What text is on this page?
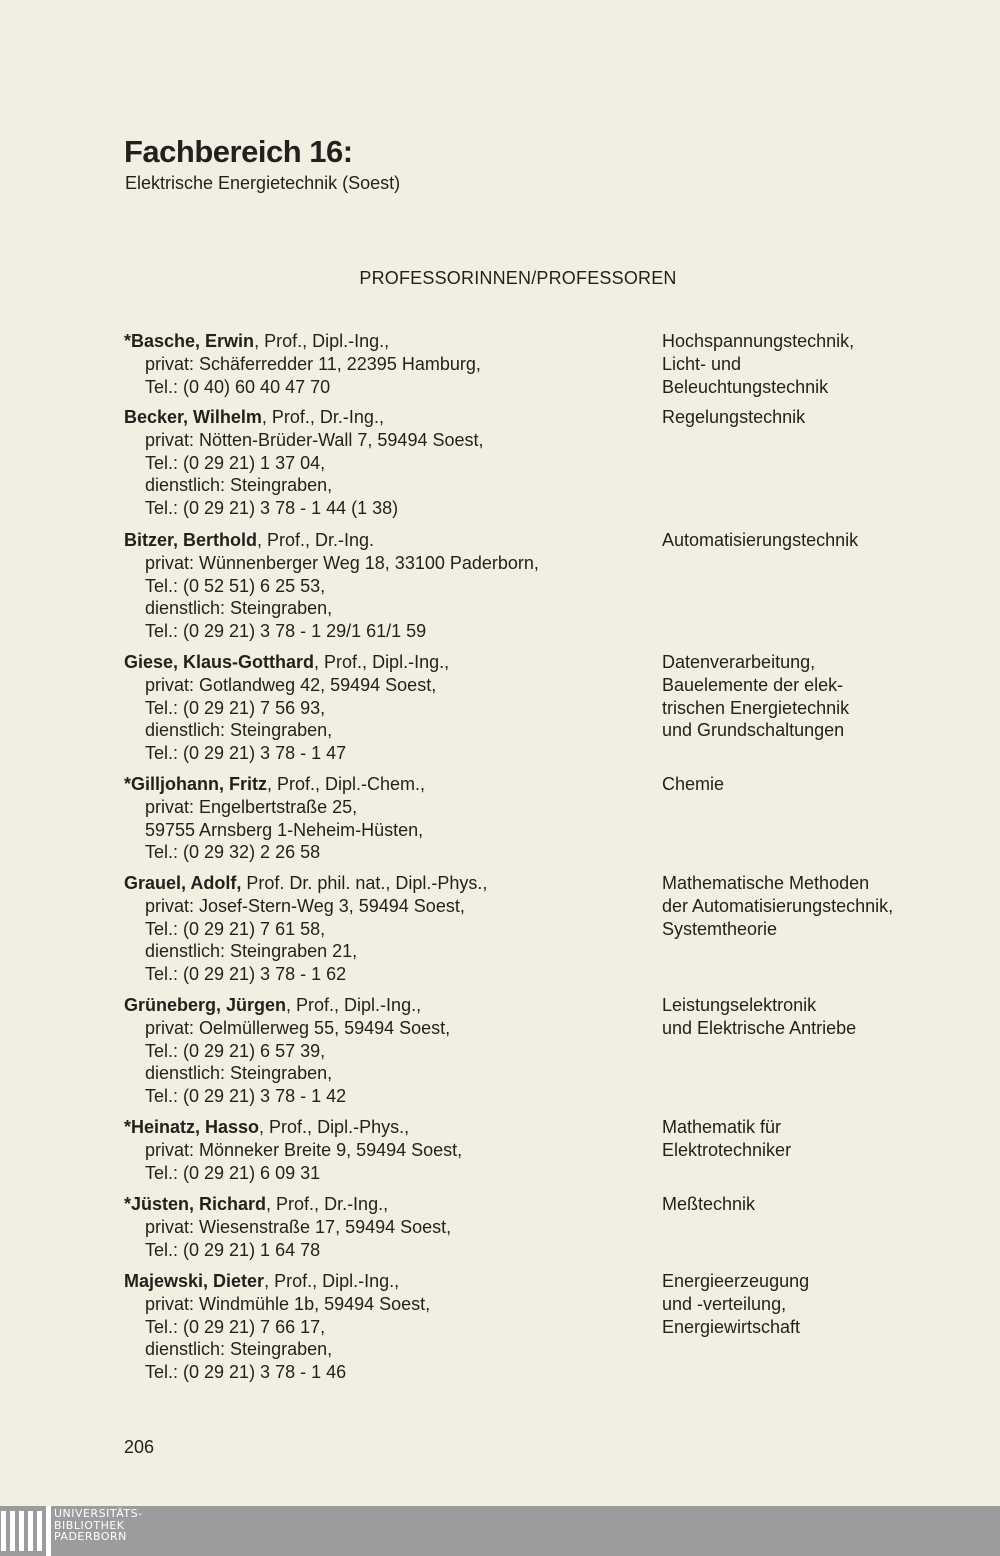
Fachbereich 16:

Elektrische Energietechnik (Soest)

PROFESSORINNEN/PROFESSOREN

*Basche, Erwin, Prof., Dipl.-Ing.,
privat: Schäferredder 11, 22395 Hamburg,
Tel.: (0 40) 60 40 47 70
Hochspannungstechnik,
Licht- und
Beleuchtungstechnik
Becker, Wilhelm, Prof., Dr.-Ing.,
privat: Nötten-Brüder-Wall 7, 59494 Soest,
Tel.: (0 29 21) 1 37 04,
dienstlich: Steingraben,
Tel.: (0 29 21) 3 78 - 1 44 (1 38)
Regelungstechnik
Bitzer, Berthold, Prof., Dr.-Ing.
privat: Wünnenberger Weg 18, 33100 Paderborn,
Tel.: (0 52 51) 6 25 53,
dienstlich: Steingraben,
Tel.: (0 29 21) 3 78 - 1 29/1 61/1 59
Automatisierungstechnik
Giese, Klaus-Gotthard, Prof., Dipl.-Ing.,
privat: Gotlandweg 42, 59494 Soest,
Tel.: (0 29 21) 7 56 93,
dienstlich: Steingraben,
Tel.: (0 29 21) 3 78 - 1 47
Datenverarbeitung,
Bauelemente der elek-
trischen Energietechnik
und Grundschaltungen
*Gilljohann, Fritz, Prof., Dipl.-Chem.,
privat: Engelbertstraße 25,
59755 Arnsberg 1-Neheim-Hüsten,
Tel.: (0 29 32) 2 26 58
Chemie
Grauel, Adolf, Prof. Dr. phil. nat., Dipl.-Phys.,
privat: Josef-Stern-Weg 3, 59494 Soest,
Tel.: (0 29 21) 7 61 58,
dienstlich: Steingraben 21,
Tel.: (0 29 21) 3 78 - 1 62
Mathematische Methoden
der Automatisierungstechnik,
Systemtheorie
Grüneberg, Jürgen, Prof., Dipl.-Ing.,
privat: Oelmüllerweg 55, 59494 Soest,
Tel.: (0 29 21) 6 57 39,
dienstlich: Steingraben,
Tel.: (0 29 21) 3 78 - 1 42
Leistungselektronik
und Elektrische Antriebe
*Heinatz, Hasso, Prof., Dipl.-Phys.,
privat: Mönneker Breite 9, 59494 Soest,
Tel.: (0 29 21) 6 09 31
Mathematik für
Elektrotechniker
*Jüsten, Richard, Prof., Dr.-Ing.,
privat: Wiesenstraße 17, 59494 Soest,
Tel.: (0 29 21) 1 64 78
Meßtechnik
Majewski, Dieter, Prof., Dipl.-Ing.,
privat: Windmühle 1b, 59494 Soest,
Tel.: (0 29 21) 7 66 17,
dienstlich: Steingraben,
Tel.: (0 29 21) 3 78 - 1 46
Energieerzeugung
und -verteilung,
Energiewirtschaft

206

UNIVERSITÄTS-
BIBLIOTHEK
PADERBORN
